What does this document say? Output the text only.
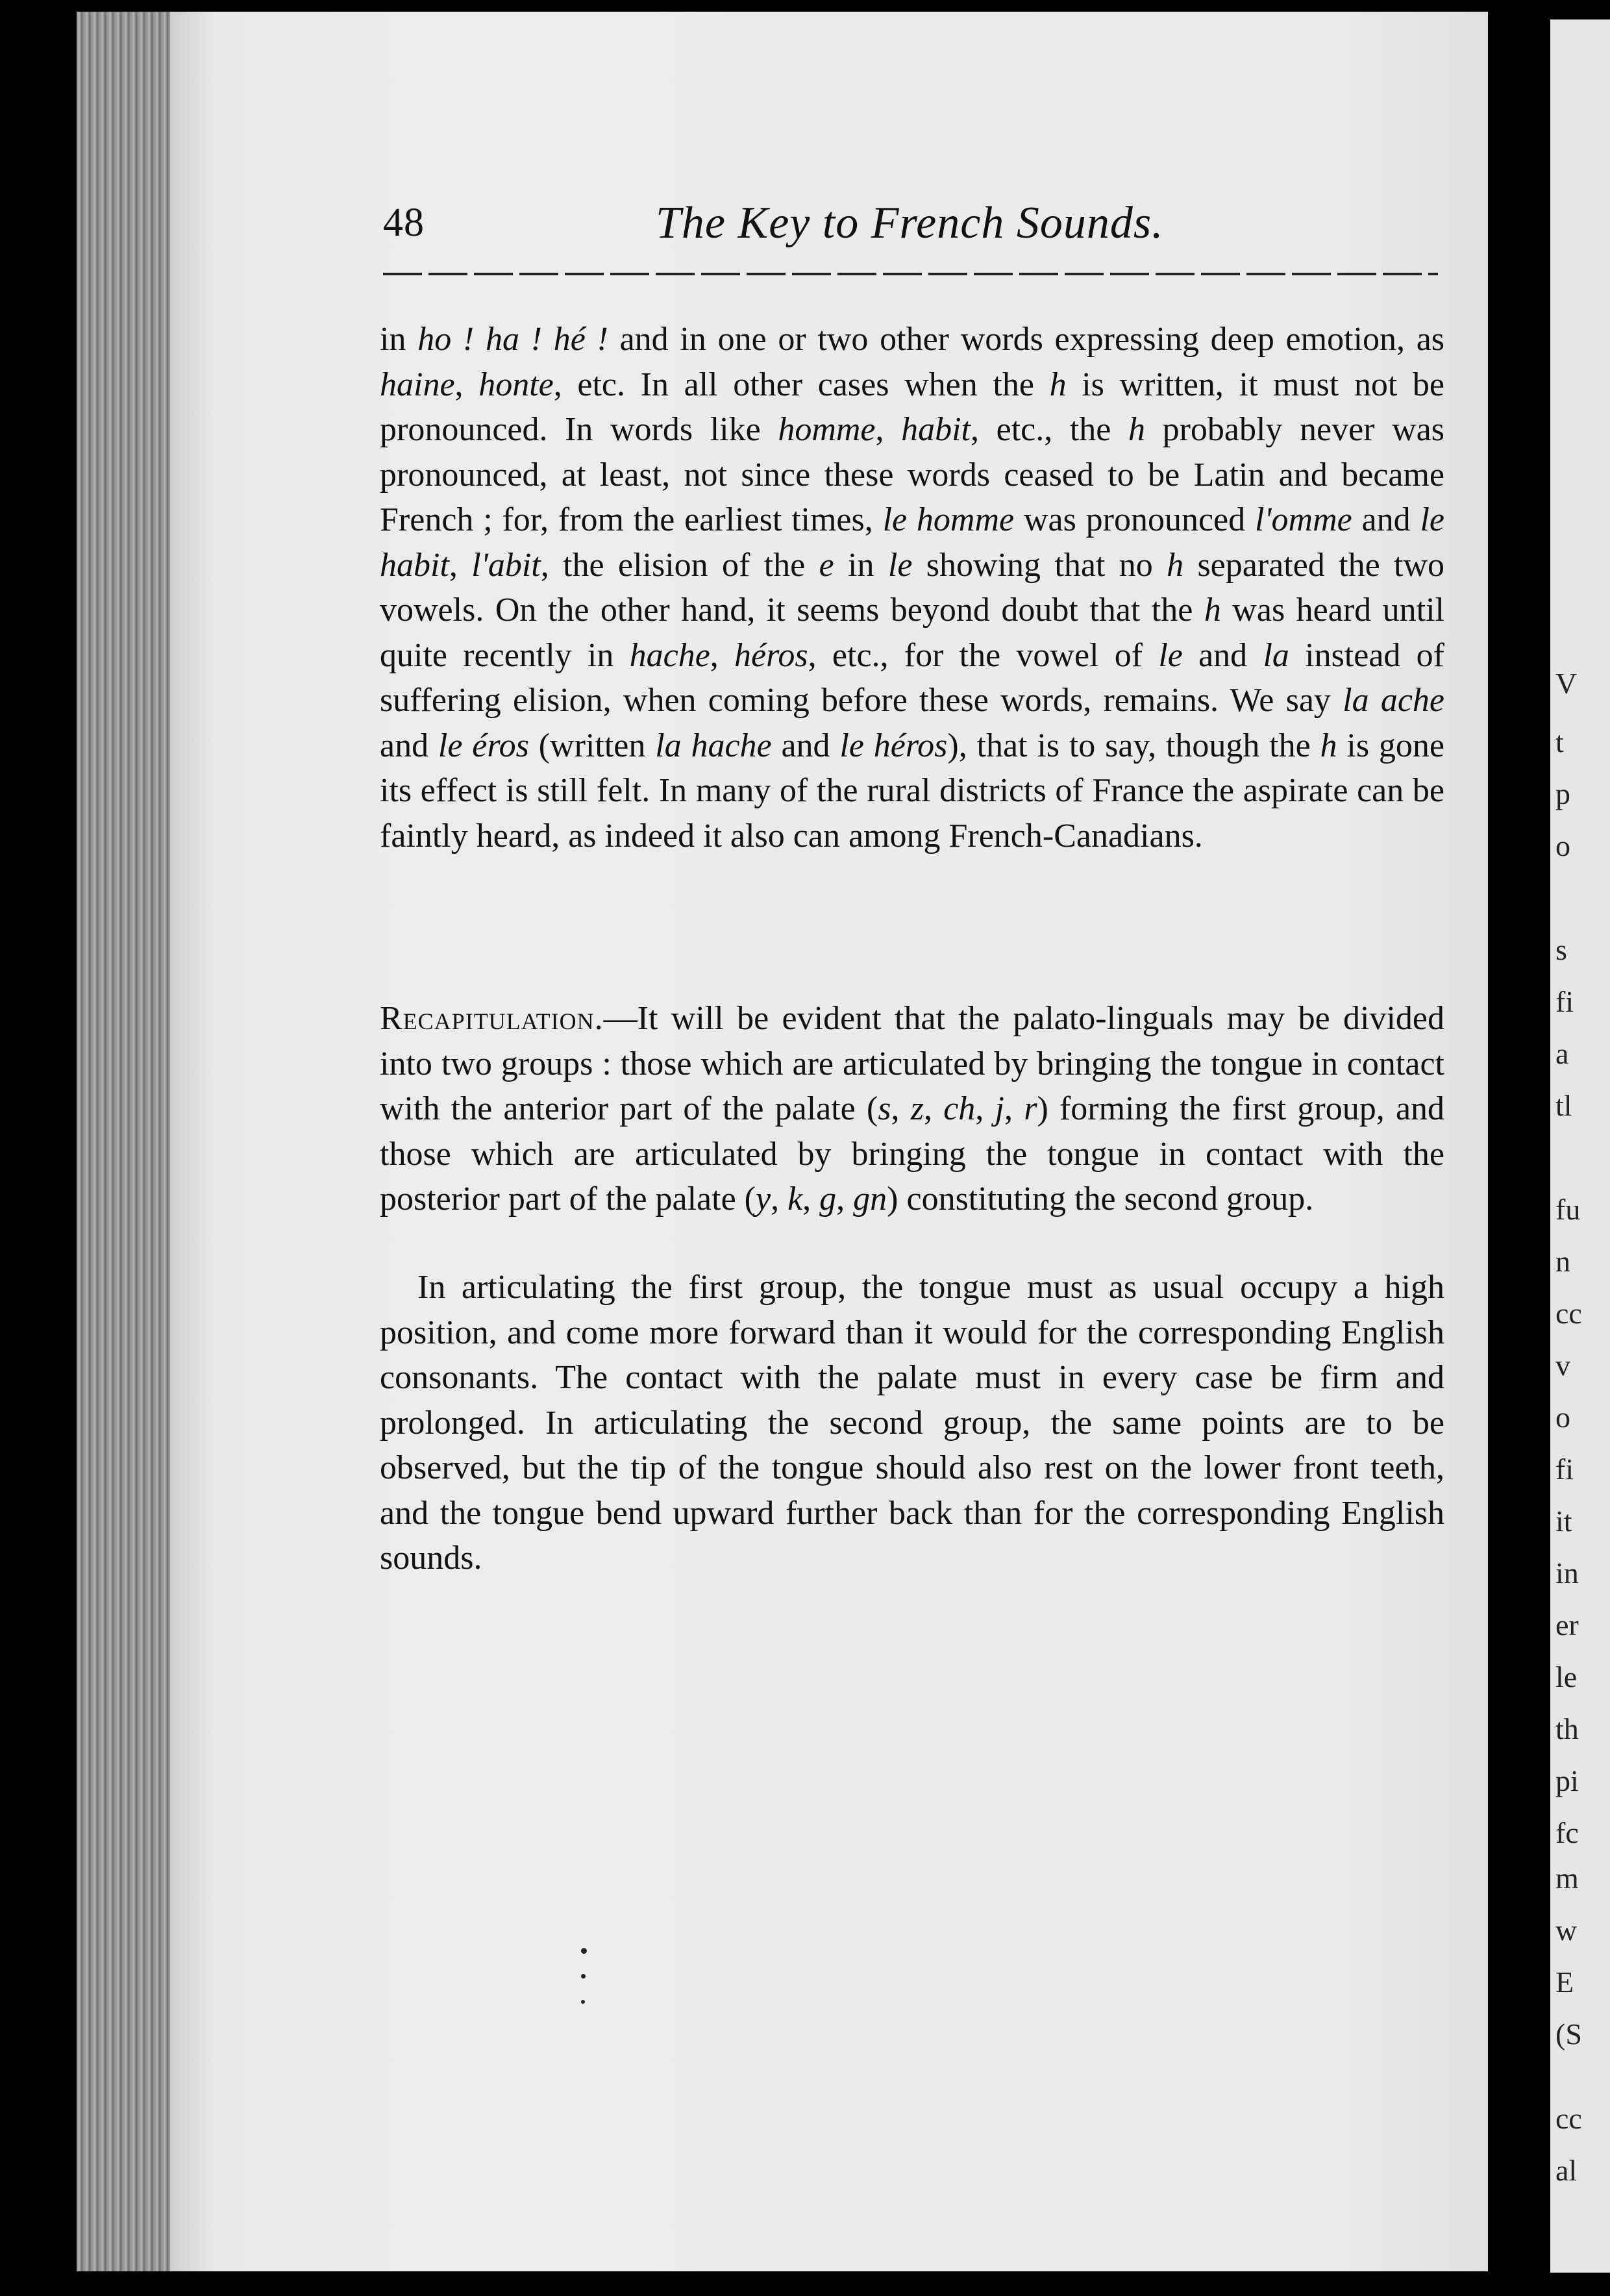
48	The Key to French Sounds.

in ho ! ha ! hé ! and in one or two other words expressing deep emotion, as haine, honte, etc. In all other cases when the h is written, it must not be pronounced. In words like homme, habit, etc., the h probably never was pronounced, at least, not since these words ceased to be Latin and became French ; for, from the earliest times, le homme was pronounced l'omme and le habit, l'abit, the elision of the e in le showing that no h separated the two vowels. On the other hand, it seems beyond doubt that the h was heard until quite recently in hache, héros, etc., for the vowel of le and la instead of suffering elision, when coming before these words, remains. We say la ache and le éros (written la hache and le héros), that is to say, though the h is gone its effect is still felt. In many of the rural districts of France the aspirate can be faintly heard, as indeed it also can among French-Canadians.

Recapitulation.—It will be evident that the palato-linguals may be divided into two groups : those which are articulated by bringing the tongue in contact with the anterior part of the palate (s, z, ch, j, r) forming the first group, and those which are articulated by bringing the tongue in contact with the posterior part of the palate (y, k, g, gn) constituting the second group.

In articulating the first group, the tongue must as usual occupy a high position, and come more forward than it would for the corresponding English consonants. The contact with the palate must in every case be firm and prolonged. In articulating the second group, the same points are to be observed, but the tip of the tongue should also rest on the lower front teeth, and the tongue bend upward further back than for the corresponding English sounds.

V
t
p
o
s
fi
a
tl
fu
n
cc
v
o
fi
it
in
er
le
th
pi
fc
m
w
E
(S
cc
al
